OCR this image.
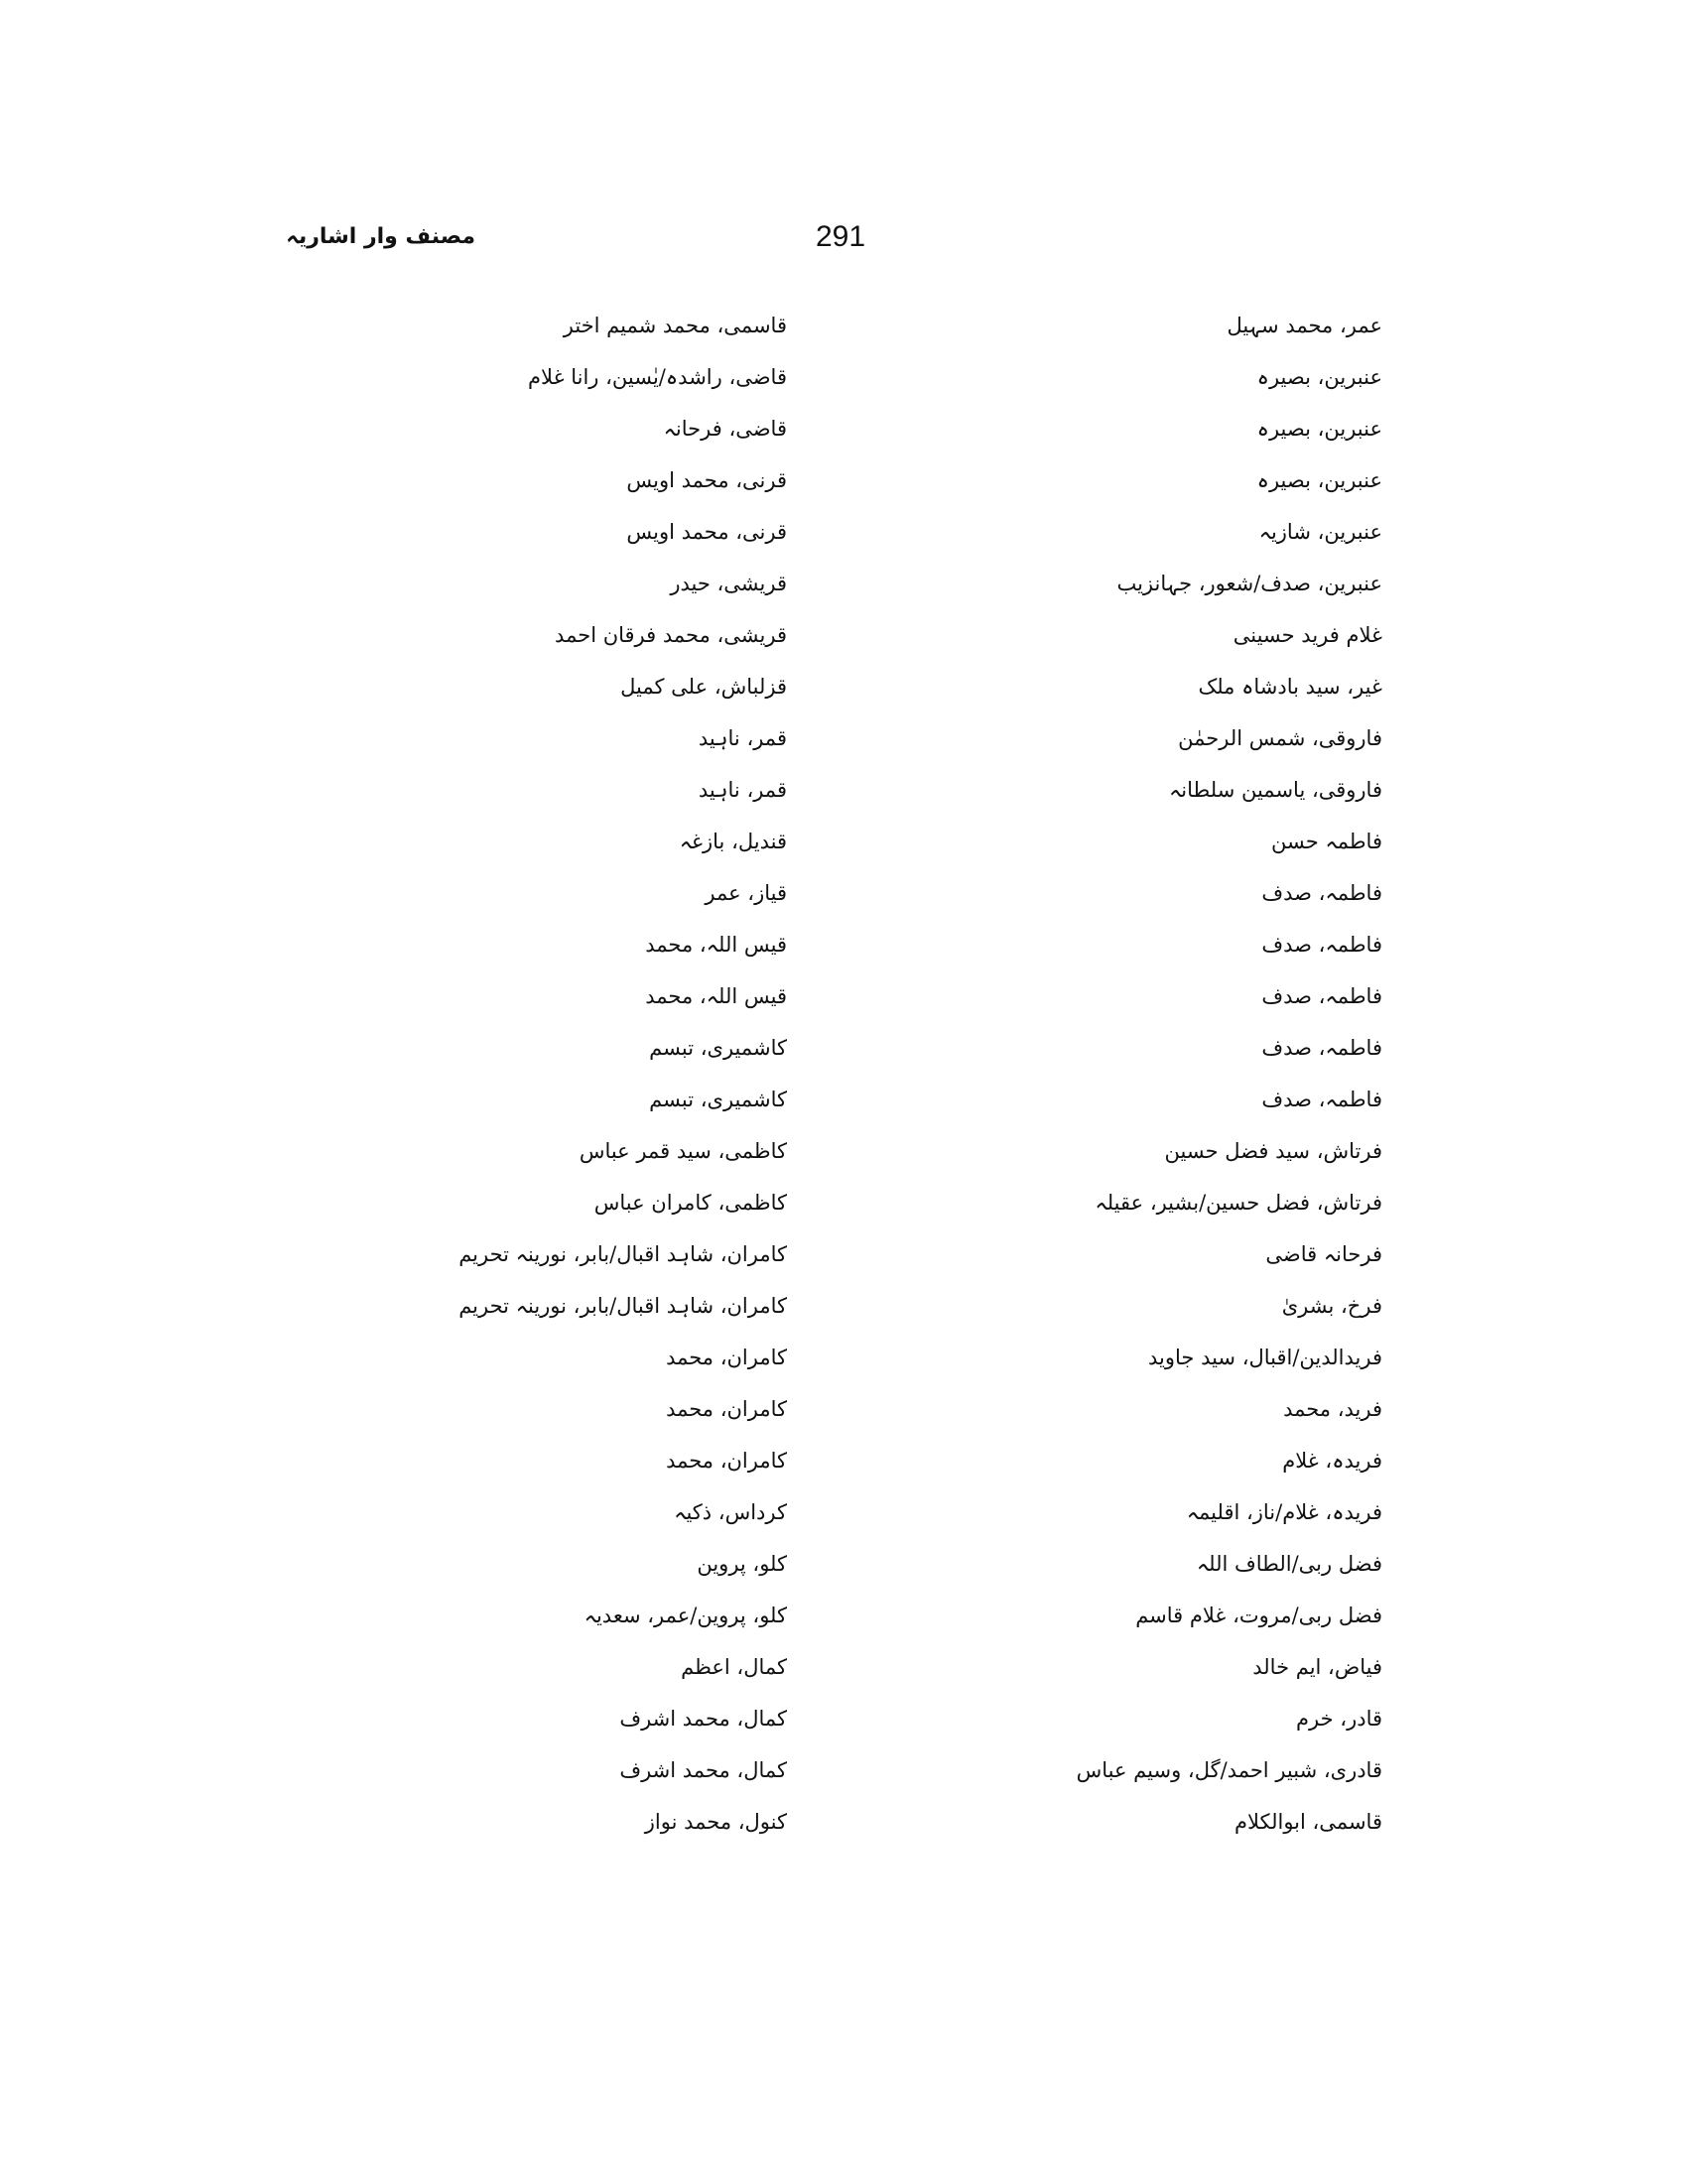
مصنف وار اشاریہ	291
عمر، محمد سہیل
عنبرین، بصیرہ
عنبرین، بصیرہ
عنبرین، بصیرہ
عنبرین، شازیہ
عنبرین، صدف/شعور، جہانزیب
غلام فرید حسینی
غیر، سید بادشاہ ملک
فاروقی، شمس الرحمٰن
فاروقی، یاسمین سلطانہ
فاطمہ حسن
فاطمہ، صدف
فاطمہ، صدف
فاطمہ، صدف
فاطمہ، صدف
فاطمہ، صدف
فرتاش، سید فضل حسین
فرتاش، فضل حسین/بشیر، عقیلہ
فرحانہ قاضی
فرخ، بشریٰ
فریدالدین/اقبال، سید جاوید
فرید، محمد
فریدہ، غلام
فریدہ، غلام/ناز، اقلیمہ
فضل ربی/الطاف اللہ
فضل ربی/مروت، غلام قاسم
فیاض، ایم خالد
قادر، خرم
قادری، شبیر احمد/گل، وسیم عباس
قاسمی، ابوالکلام
قاسمی، محمد شمیم اختر
قاضی، راشدہ/یٰسین، رانا غلام
قاضی، فرحانہ
قرنی، محمد اویس
قرنی، محمد اویس
قریشی، حیدر
قریشی، محمد فرقان احمد
قزلباش، علی کمیل
قمر، ناہید
قمر، ناہید
قندیل، بازغہ
قیاز، عمر
قیس اللہ، محمد
قیس اللہ، محمد
کاشمیری، تبسم
کاشمیری، تبسم
کاظمی، سید قمر عباس
کاظمی، کامران عباس
کامران، شاہد اقبال/بابر، نورینہ تحریم
کامران، شاہد اقبال/بابر، نورینہ تحریم
کامران، محمد
کامران، محمد
کامران، محمد
کرداس، ذکیہ
کلو، پروین
کلو، پروین/عمر، سعدیہ
کمال، اعظم
کمال، محمد اشرف
کمال، محمد اشرف
کنول، محمد نواز
